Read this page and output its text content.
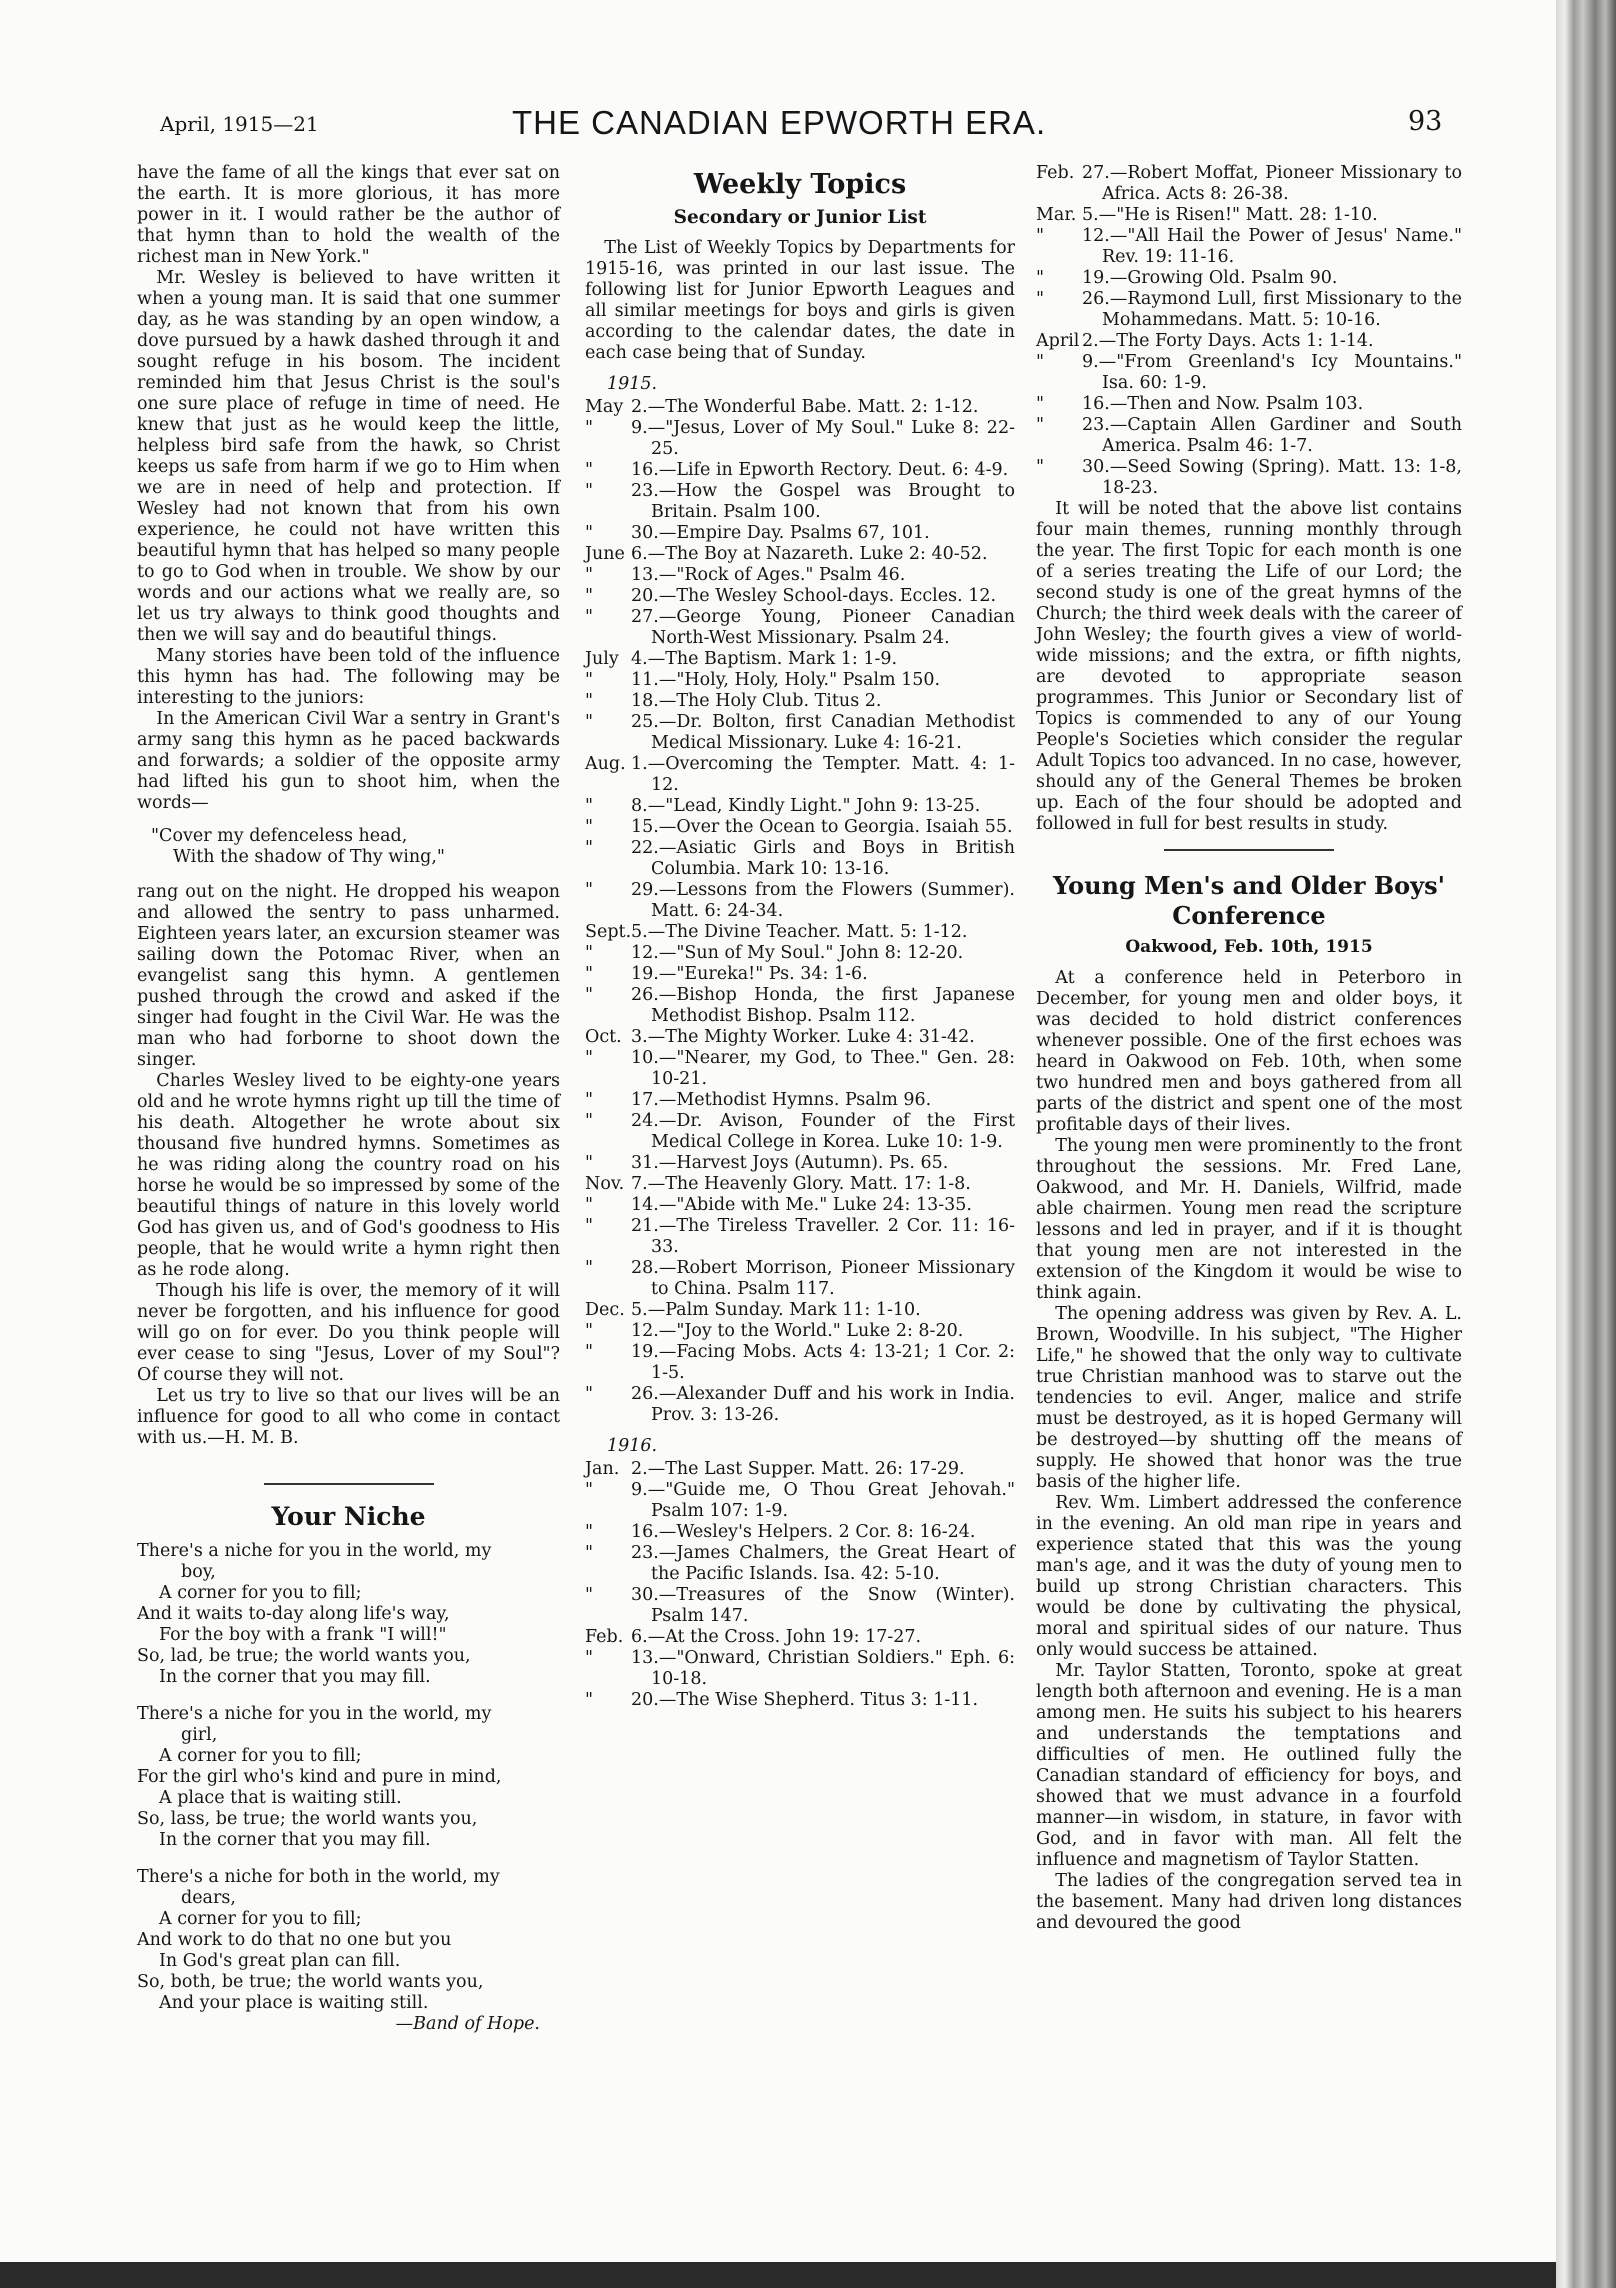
April, 1915—21	THE CANADIAN EPWORTH ERA.	93

have the fame of all the kings that ever sat on the earth. It is more glorious, it has more power in it. I would rather be the author of that hymn than to hold the wealth of the richest man in New York."

Mr. Wesley is believed to have written it when a young man. It is said that one summer day, as he was standing by an open window, a dove pursued by a hawk dashed through it and sought refuge in his bosom. The incident reminded him that Jesus Christ is the soul's one sure place of refuge in time of need. He knew that just as he would keep the little, helpless bird safe from the hawk, so Christ keeps us safe from harm if we go to Him when we are in need of help and protection. If Wesley had not known that from his own experience, he could not have written this beautiful hymn that has helped so many people to go to God when in trouble. We show by our words and our actions what we really are, so let us try always to think good thoughts and then we will say and do beautiful things.

Many stories have been told of the influence this hymn has had. The following may be interesting to the juniors:

In the American Civil War a sentry in Grant's army sang this hymn as he paced backwards and forwards; a soldier of the opposite army had lifted his gun to shoot him, when the words—

"Cover my defenceless head,
With the shadow of Thy wing,"

rang out on the night. He dropped his weapon and allowed the sentry to pass unharmed. Eighteen years later, an excursion steamer was sailing down the Potomac River, when an evangelist sang this hymn. A gentlemen pushed through the crowd and asked if the singer had fought in the Civil War. He was the man who had forborne to shoot down the singer.

Charles Wesley lived to be eighty-one years old and he wrote hymns right up till the time of his death. Altogether he wrote about six thousand five hundred hymns. Sometimes as he was riding along the country road on his horse he would be so impressed by some of the beautiful things of nature in this lovely world God has given us, and of God's goodness to His people, that he would write a hymn right then as he rode along.

Though his life is over, the memory of it will never be forgotten, and his influence for good will go on for ever. Do you think people will ever cease to sing "Jesus, Lover of my Soul"? Of course they will not.

Let us try to live so that our lives will be an influence for good to all who come in contact with us.—H. M. B.

Your Niche
There's a niche for you in the world, my
boy,
A corner for you to fill;
And it waits to-day along life's way,
For the boy with a frank "I will!"
So, lad, be true; the world wants you,
In the corner that you may fill.
There's a niche for you in the world, my
girl,
A corner for you to fill;
For the girl who's kind and pure in mind,
A place that is waiting still.
So, lass, be true; the world wants you,
In the corner that you may fill.
There's a niche for both in the world, my
dears,
A corner for you to fill;
And work to do that no one but you
In God's great plan can fill.
So, both, be true; the world wants you,
And your place is waiting still.
—Band of Hope.
Weekly Topics
Secondary or Junior List

The List of Weekly Topics by Departments for 1915-16, was printed in our last issue. The following list for Junior Epworth Leagues and all similar meetings for boys and girls is given according to the calendar dates, the date in each case being that of Sunday.

1915.
May 2.—The Wonderful Babe. Matt. 2: 1-12.
"	9.—"Jesus, Lover of My Soul." Luke 8: 22-25.
"	16.—Life in Epworth Rectory. Deut. 6: 4-9.
"	23.—How the Gospel was Brought to Britain. Psalm 100.
"	30.—Empire Day. Psalms 67, 101.
June 6.—The Boy at Nazareth. Luke 2: 40-52.
"	13.—"Rock of Ages." Psalm 46.
"	20.—The Wesley School-days. Eccles. 12.
"	27.—George Young, Pioneer Canadian North-West Missionary. Psalm 24.
July 4.—The Baptism. Mark 1: 1-9.
"	11.—"Holy, Holy, Holy." Psalm 150.
"	18.—The Holy Club. Titus 2.
"	25.—Dr. Bolton, first Canadian Methodist Medical Missionary. Luke 4: 16-21.
Aug. 1.—Overcoming the Tempter. Matt. 4: 1-12.
"	8.—"Lead, Kindly Light." John 9: 13-25.
"	15.—Over the Ocean to Georgia. Isaiah 55.
"	22.—Asiatic Girls and Boys in British Columbia. Mark 10: 13-16.
"	29.—Lessons from the Flowers (Summer). Matt. 6: 24-34.
Sept. 5.—The Divine Teacher. Matt. 5: 1-12.
"	12.—"Sun of My Soul." John 8: 12-20.
"	19.—"Eureka!" Ps. 34: 1-6.
"	26.—Bishop Honda, the first Japanese Methodist Bishop. Psalm 112.
Oct. 3.—The Mighty Worker. Luke 4: 31-42.
"	10.—"Nearer, my God, to Thee." Gen. 28: 10-21.
"	17.—Methodist Hymns. Psalm 96.
"	24.—Dr. Avison, Founder of the First Medical College in Korea. Luke 10: 1-9.
"	31.—Harvest Joys (Autumn). Ps. 65.
Nov. 7.—The Heavenly Glory. Matt. 17: 1-8.
"	14.—"Abide with Me." Luke 24: 13-35.
"	21.—The Tireless Traveller. 2 Cor. 11: 16-33.
"	28.—Robert Morrison, Pioneer Missionary to China. Psalm 117.
Dec. 5.—Palm Sunday. Mark 11: 1-10.
"	12.—"Joy to the World." Luke 2: 8-20.
"	19.—Facing Mobs. Acts 4: 13-21; 1 Cor. 2: 1-5.
"	26.—Alexander Duff and his work in India. Prov. 3: 13-26.
1916.
Jan. 2.—The Last Supper. Matt. 26: 17-29.
"	9.—"Guide me, O Thou Great Jehovah." Psalm 107: 1-9.
"	16.—Wesley's Helpers. 2 Cor. 8: 16-24.
"	23.—James Chalmers, the Great Heart of the Pacific Islands. Isa. 42: 5-10.
"	30.—Treasures of the Snow (Winter). Psalm 147.
Feb. 6.—At the Cross. John 19: 17-27.
"	13.—"Onward, Christian Soldiers." Eph. 6: 10-18.
"	20.—The Wise Shepherd. Titus 3: 1-11.
Feb. 27.—Robert Moffat, Pioneer Missionary to Africa. Acts 8: 26-38.
Mar. 5.—"He is Risen!" Matt. 28: 1-10.
"	12.—"All Hail the Power of Jesus' Name." Rev. 19: 11-16.
"	19.—Growing Old. Psalm 90.
"	26.—Raymond Lull, first Missionary to the Mohammedans. Matt. 5: 10-16.
April 2.—The Forty Days. Acts 1: 1-14.
"	9.—"From Greenland's Icy Mountains." Isa. 60: 1-9.
"	16.—Then and Now. Psalm 103.
"	23.—Captain Allen Gardiner and South America. Psalm 46: 1-7.
"	30.—Seed Sowing (Spring). Matt. 13: 1-8, 18-23.

It will be noted that the above list contains four main themes, running monthly through the year. The first Topic for each month is one of a series treating the Life of our Lord; the second study is one of the great hymns of the Church; the third week deals with the career of John Wesley; the fourth gives a view of world-wide missions; and the extra, or fifth nights, are devoted to appropriate season programmes. This Junior or Secondary list of Topics is commended to any of our Young People's Societies which consider the regular Adult Topics too advanced. In no case, however, should any of the General Themes be broken up. Each of the four should be adopted and followed in full for best results in study.

Young Men's and Older Boys' Conference
Oakwood, Feb. 10th, 1915

At a conference held in Peterboro in December, for young men and older boys, it was decided to hold district conferences whenever possible. One of the first echoes was heard in Oakwood on Feb. 10th, when some two hundred men and boys gathered from all parts of the district and spent one of the most profitable days of their lives.

The young men were prominently to the front throughout the sessions. Mr. Fred Lane, Oakwood, and Mr. H. Daniels, Wilfrid, made able chairmen. Young men read the scripture lessons and led in prayer, and if it is thought that young men are not interested in the extension of the Kingdom it would be wise to think again.

The opening address was given by Rev. A. L. Brown, Woodville. In his subject, "The Higher Life," he showed that the only way to cultivate true Christian manhood was to starve out the tendencies to evil. Anger, malice and strife must be destroyed, as it is hoped Germany will be destroyed—by shutting off the means of supply. He showed that honor was the true basis of the higher life.

Rev. Wm. Limbert addressed the conference in the evening. An old man ripe in years and experience stated that this was the young man's age, and it was the duty of young men to build up strong Christian characters. This would be done by cultivating the physical, moral and spiritual sides of our nature. Thus only would success be attained.

Mr. Taylor Statten, Toronto, spoke at great length both afternoon and evening. He is a man among men. He suits his subject to his hearers and understands the temptations and difficulties of men. He outlined fully the Canadian standard of efficiency for boys, and showed that we must advance in a fourfold manner—in wisdom, in stature, in favor with God, and in favor with man. All felt the influence and magnetism of Taylor Statten.

The ladies of the congregation served tea in the basement. Many had driven long distances and devoured the good
